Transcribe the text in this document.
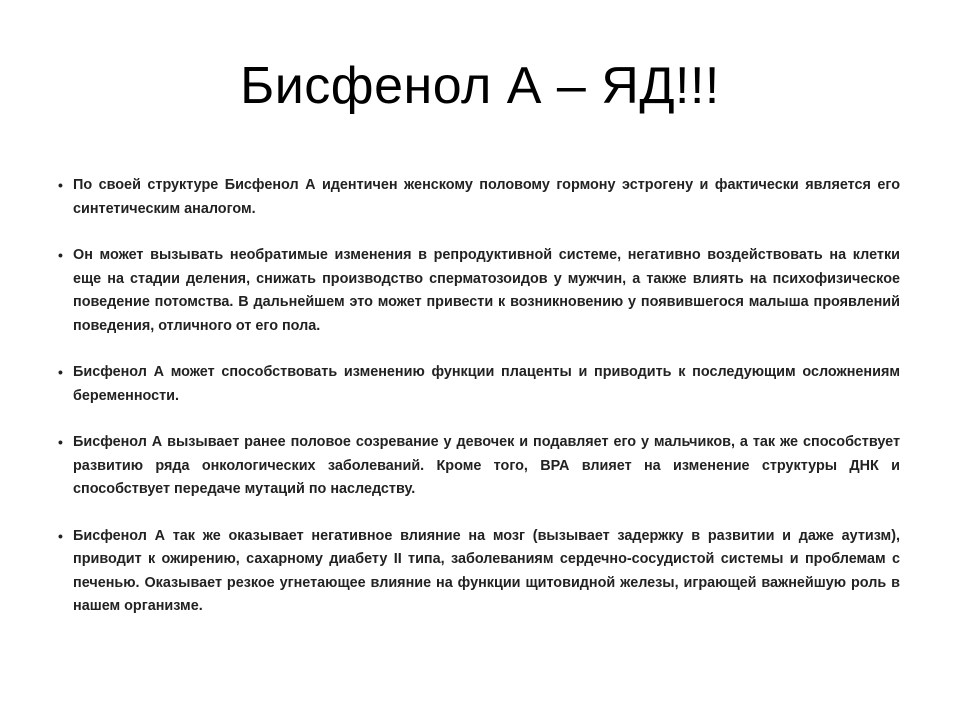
Бисфенол А – ЯД!!!
• По своей структуре Бисфенол А идентичен женскому половому гормону эстрогену и фактически является его синтетическим аналогом.
• Он может вызывать необратимые изменения в репродуктивной системе, негативно воздействовать на клетки еще на стадии деления, снижать производство сперматозоидов у мужчин, а также влиять на психофизическое поведение потомства. В дальнейшем это может привести к возникновению у появившегося малыша проявлений поведения, отличного от его пола.
• Бисфенол А может способствовать изменению функции плаценты и приводить к последующим осложнениям беременности.
• Бисфенол А вызывает ранее половое созревание у девочек и подавляет его у мальчиков, а так же способствует развитию ряда онкологических заболеваний. Кроме того, ВРА влияет на изменение структуры ДНК и способствует передаче мутаций по наследству.
• Бисфенол А так же оказывает негативное влияние на мозг (вызывает задержку в развитии и даже аутизм), приводит к ожирению, сахарному диабету II типа, заболеваниям сердечно-сосудистой системы и проблемам с печенью. Оказывает резкое угнетающее влияние на функции щитовидной железы, играющей важнейшую роль в нашем организме.
